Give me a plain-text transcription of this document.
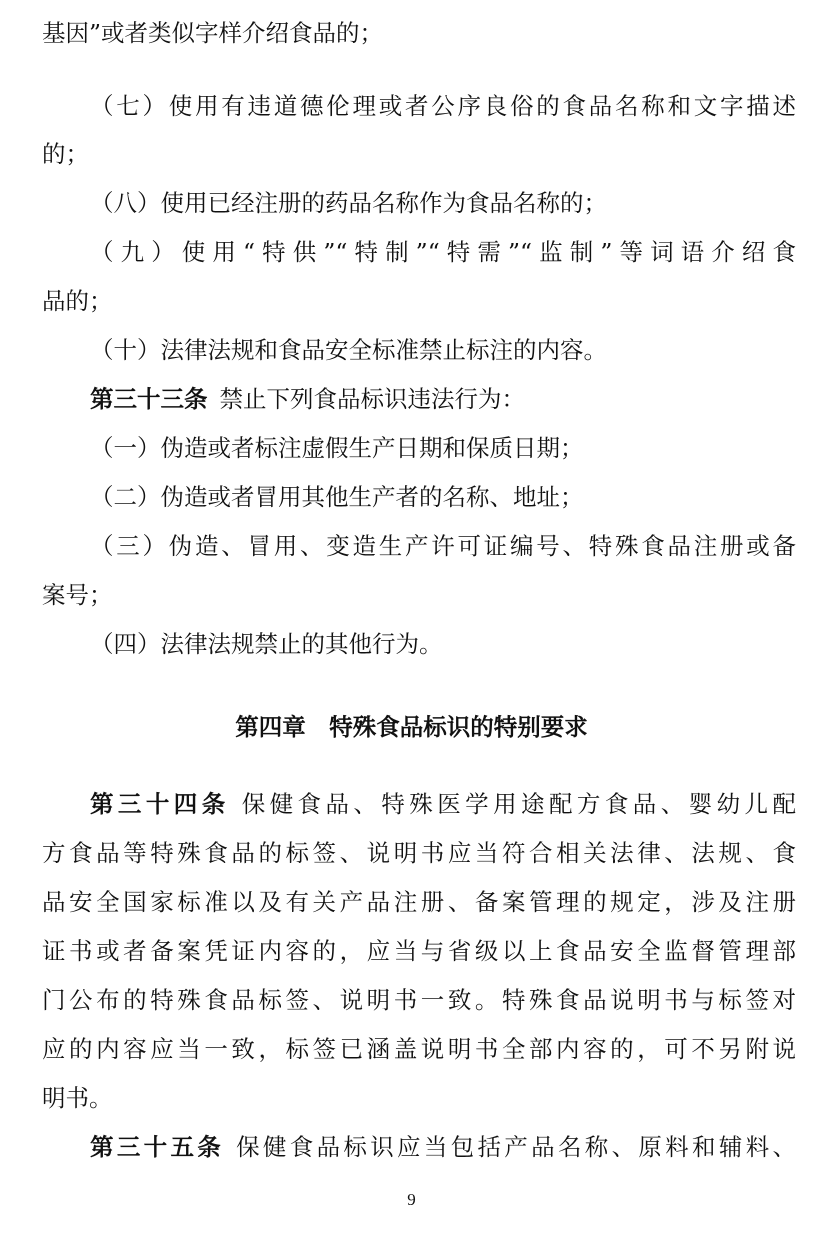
基因”或者类似字样介绍食品的；
（七）使用有违道德伦理或者公序良俗的食品名称和文字描述
的；
（八）使用已经注册的药品名称作为食品名称的；
（九）使用“特供”“特制”“特需”“监制”等词语介绍食
品的；
（十）法律法规和食品安全标准禁止标注的内容。
第三十三条 禁止下列食品标识违法行为：
（一）伪造或者标注虚假生产日期和保质日期；
（二）伪造或者冒用其他生产者的名称、地址；
（三）伪造、冒用、变造生产许可证编号、特殊食品注册或备
案号；
（四）法律法规禁止的其他行为。
第四章　特殊食品标识的特别要求
第三十四条 保健食品、特殊医学用途配方食品、婴幼儿配
方食品等特殊食品的标签、说明书应当符合相关法律、法规、食
品安全国家标准以及有关产品注册、备案管理的规定，涉及注册
证书或者备案凭证内容的，应当与省级以上食品安全监督管理部
门公布的特殊食品标签、说明书一致。特殊食品说明书与标签对
应的内容应当一致，标签已涵盖说明书全部内容的，可不另附说
明书。
第三十五条 保健食品标识应当包括产品名称、原料和辅料、
9
